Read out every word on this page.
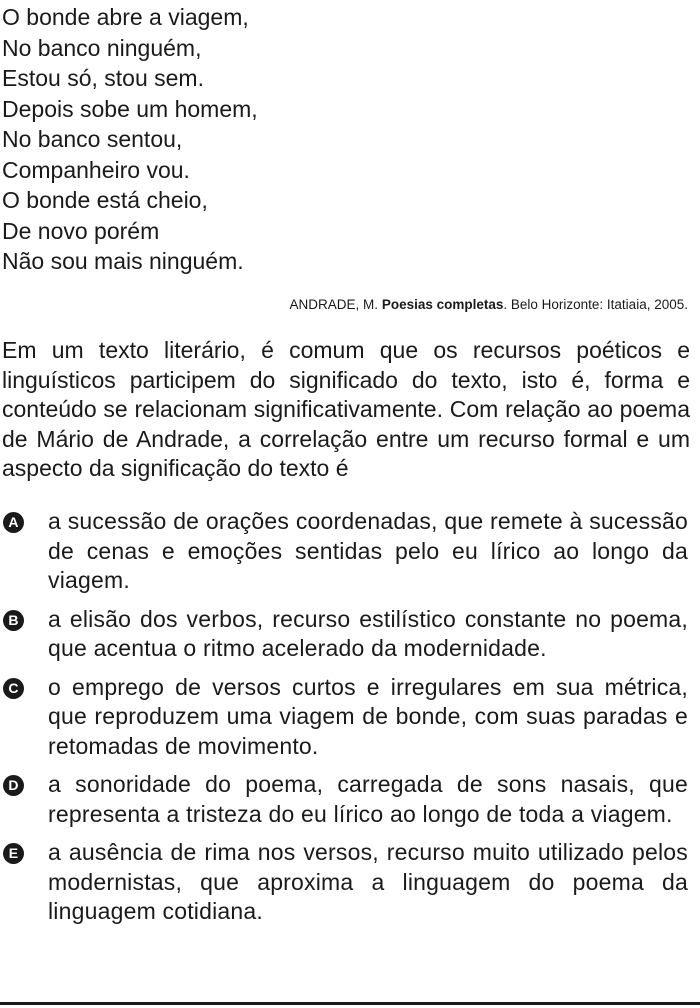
O bonde abre a viagem,
No banco ninguém,
Estou só, stou sem.
Depois sobe um homem,
No banco sentou,
Companheiro vou.
O bonde está cheio,
De novo porém
Não sou mais ninguém.
ANDRADE, M. Poesias completas. Belo Horizonte: Itatiaia, 2005.
Em um texto literário, é comum que os recursos poéticos e linguísticos participem do significado do texto, isto é, forma e conteúdo se relacionam significativamente. Com relação ao poema de Mário de Andrade, a correlação entre um recurso formal e um aspecto da significação do texto é
A a sucessão de orações coordenadas, que remete à sucessão de cenas e emoções sentidas pelo eu lírico ao longo da viagem.
B a elisão dos verbos, recurso estilístico constante no poema, que acentua o ritmo acelerado da modernidade.
C o emprego de versos curtos e irregulares em sua métrica, que reproduzem uma viagem de bonde, com suas paradas e retomadas de movimento.
D a sonoridade do poema, carregada de sons nasais, que representa a tristeza do eu lírico ao longo de toda a viagem.
E a ausência de rima nos versos, recurso muito utilizado pelos modernistas, que aproxima a linguagem do poema da linguagem cotidiana.
